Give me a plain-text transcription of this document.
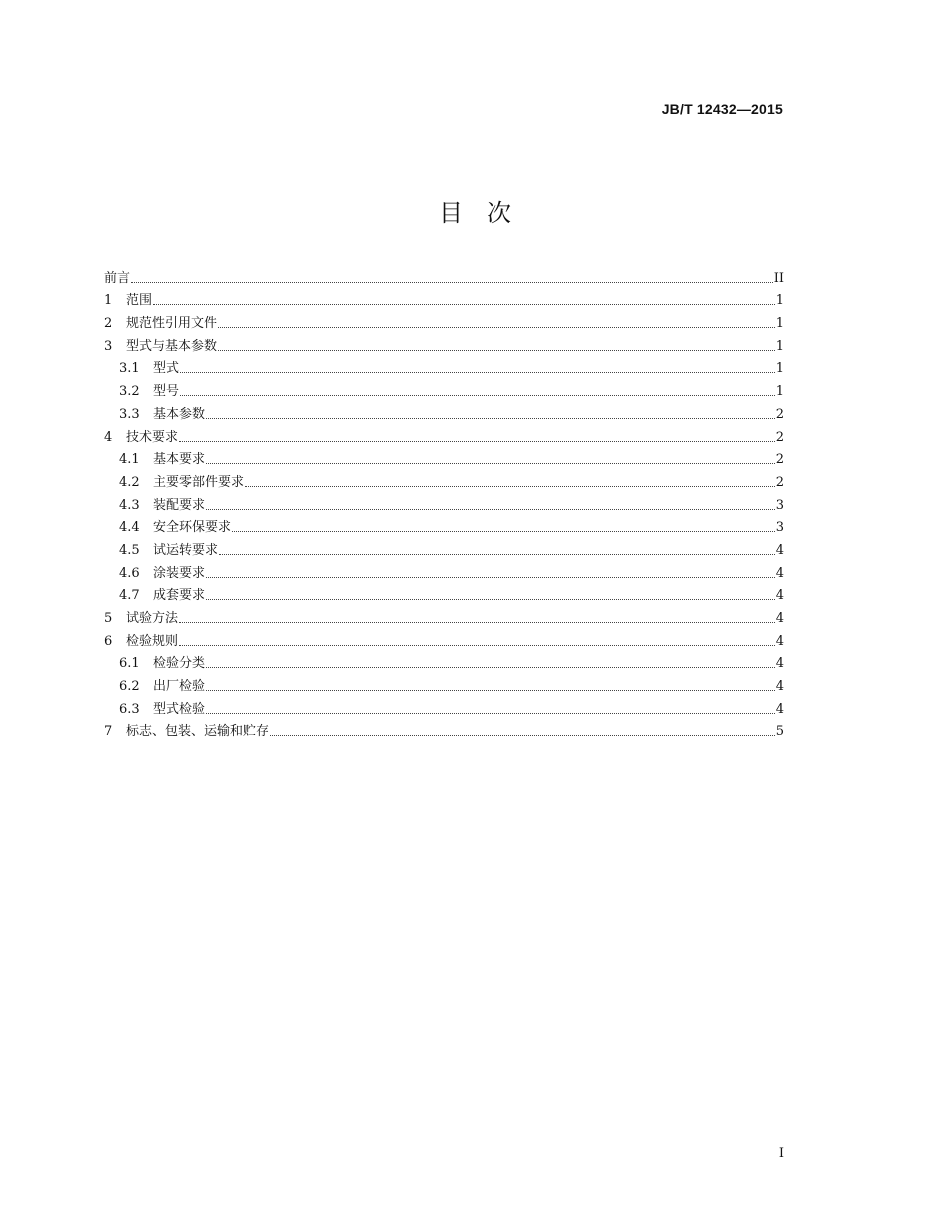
JB/T 12432—2015
目　次
前言	II
1	范围	1
2	规范性引用文件	1
3	型式与基本参数	1
3.1	型式	1
3.2	型号	1
3.3	基本参数	2
4	技术要求	2
4.1	基本要求	2
4.2	主要零部件要求	2
4.3	装配要求	3
4.4	安全环保要求	3
4.5	试运转要求	4
4.6	涂装要求	4
4.7	成套要求	4
5	试验方法	4
6	检验规则	4
6.1	检验分类	4
6.2	出厂检验	4
6.3	型式检验	4
7	标志、包装、运输和贮存	5
I
